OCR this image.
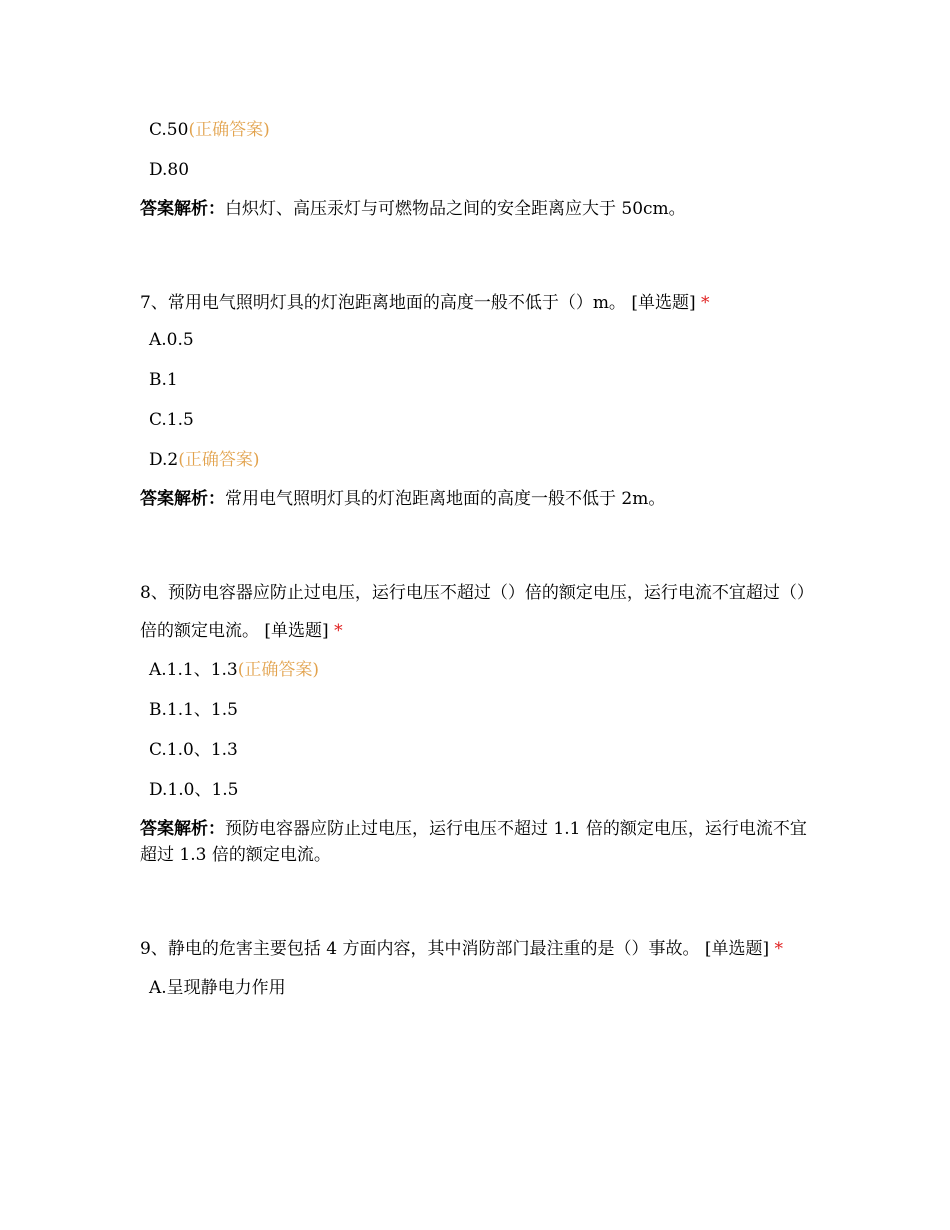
C.50(正确答案)
D.80
答案解析：白炽灯、高压汞灯与可燃物品之间的安全距离应大于 50cm。
7、常用电气照明灯具的灯泡距离地面的高度一般不低于（）m。 [单选题] *
A.0.5
B.1
C.1.5
D.2(正确答案)
答案解析：常用电气照明灯具的灯泡距离地面的高度一般不低于 2m。
8、预防电容器应防止过电压，运行电压不超过（）倍的额定电压，运行电流不宜超过（）倍的额定电流。 [单选题] *
A.1.1、1.3(正确答案)
B.1.1、1.5
C.1.0、1.3
D.1.0、1.5
答案解析：预防电容器应防止过电压，运行电压不超过 1.1 倍的额定电压，运行电流不宜超过 1.3 倍的额定电流。
9、静电的危害主要包括 4 方面内容，其中消防部门最注重的是（）事故。 [单选题] *
A.呈现静电力作用
